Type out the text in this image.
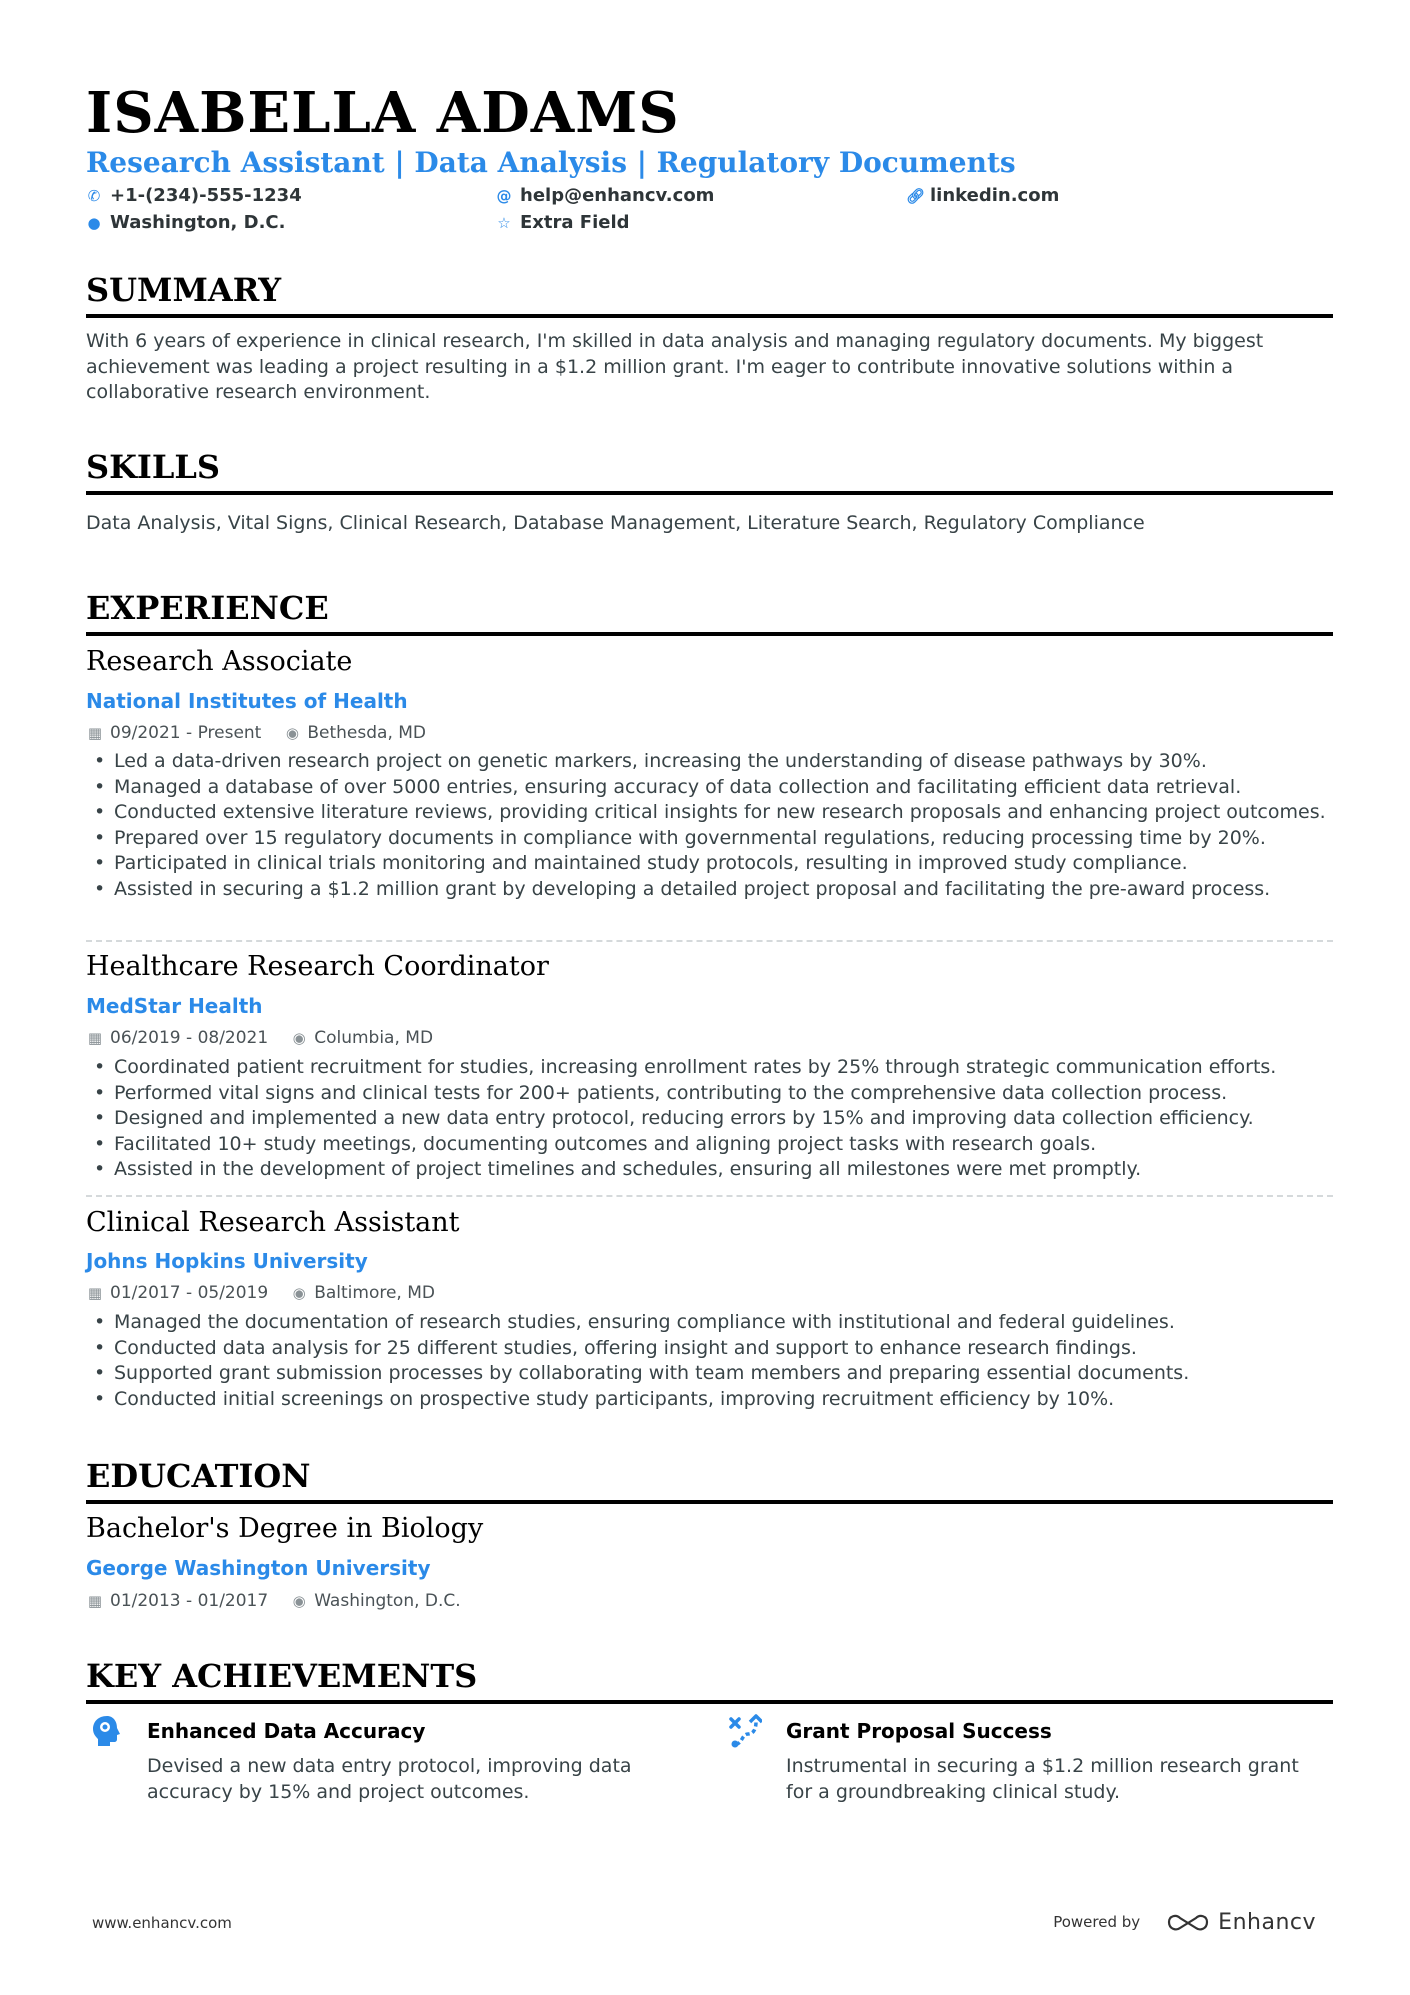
ISABELLA ADAMS
Research Assistant | Data Analysis | Regulatory Documents
✆ +1-(234)-555-1234	@ help@enhancv.com	🔗︎ linkedin.com
● Washington, D.C.	☆ Extra Field
SUMMARY
With 6 years of experience in clinical research, I'm skilled in data analysis and managing regulatory documents. My biggest achievement was leading a project resulting in a $1.2 million grant. I'm eager to contribute innovative solutions within a collaborative research environment.
SKILLS
Data Analysis, Vital Signs, Clinical Research, Database Management, Literature Search, Regulatory Compliance
EXPERIENCE
Research Associate
National Institutes of Health
▦ 09/2021 - Present ◉ Bethesda, MD
• Led a data-driven research project on genetic markers, increasing the understanding of disease pathways by 30%.
• Managed a database of over 5000 entries, ensuring accuracy of data collection and facilitating efficient data retrieval.
• Conducted extensive literature reviews, providing critical insights for new research proposals and enhancing project outcomes.
• Prepared over 15 regulatory documents in compliance with governmental regulations, reducing processing time by 20%.
• Participated in clinical trials monitoring and maintained study protocols, resulting in improved study compliance.
• Assisted in securing a $1.2 million grant by developing a detailed project proposal and facilitating the pre-award process.
Healthcare Research Coordinator
MedStar Health
▦ 06/2019 - 08/2021 ◉ Columbia, MD
• Coordinated patient recruitment for studies, increasing enrollment rates by 25% through strategic communication efforts.
• Performed vital signs and clinical tests for 200+ patients, contributing to the comprehensive data collection process.
• Designed and implemented a new data entry protocol, reducing errors by 15% and improving data collection efficiency.
• Facilitated 10+ study meetings, documenting outcomes and aligning project tasks with research goals.
• Assisted in the development of project timelines and schedules, ensuring all milestones were met promptly.
Clinical Research Assistant
Johns Hopkins University
▦ 01/2017 - 05/2019 ◉ Baltimore, MD
• Managed the documentation of research studies, ensuring compliance with institutional and federal guidelines.
• Conducted data analysis for 25 different studies, offering insight and support to enhance research findings.
• Supported grant submission processes by collaborating with team members and preparing essential documents.
• Conducted initial screenings on prospective study participants, improving recruitment efficiency by 10%.
EDUCATION
Bachelor's Degree in Biology
George Washington University
▦ 01/2013 - 01/2017 ◉ Washington, D.C.
KEY ACHIEVEMENTS
Enhanced Data Accuracy
Devised a new data entry protocol, improving data accuracy by 15% and project outcomes.
Grant Proposal Success
Instrumental in securing a $1.2 million research grant for a groundbreaking clinical study.
www.enhancv.com	Powered by	Enhancv
